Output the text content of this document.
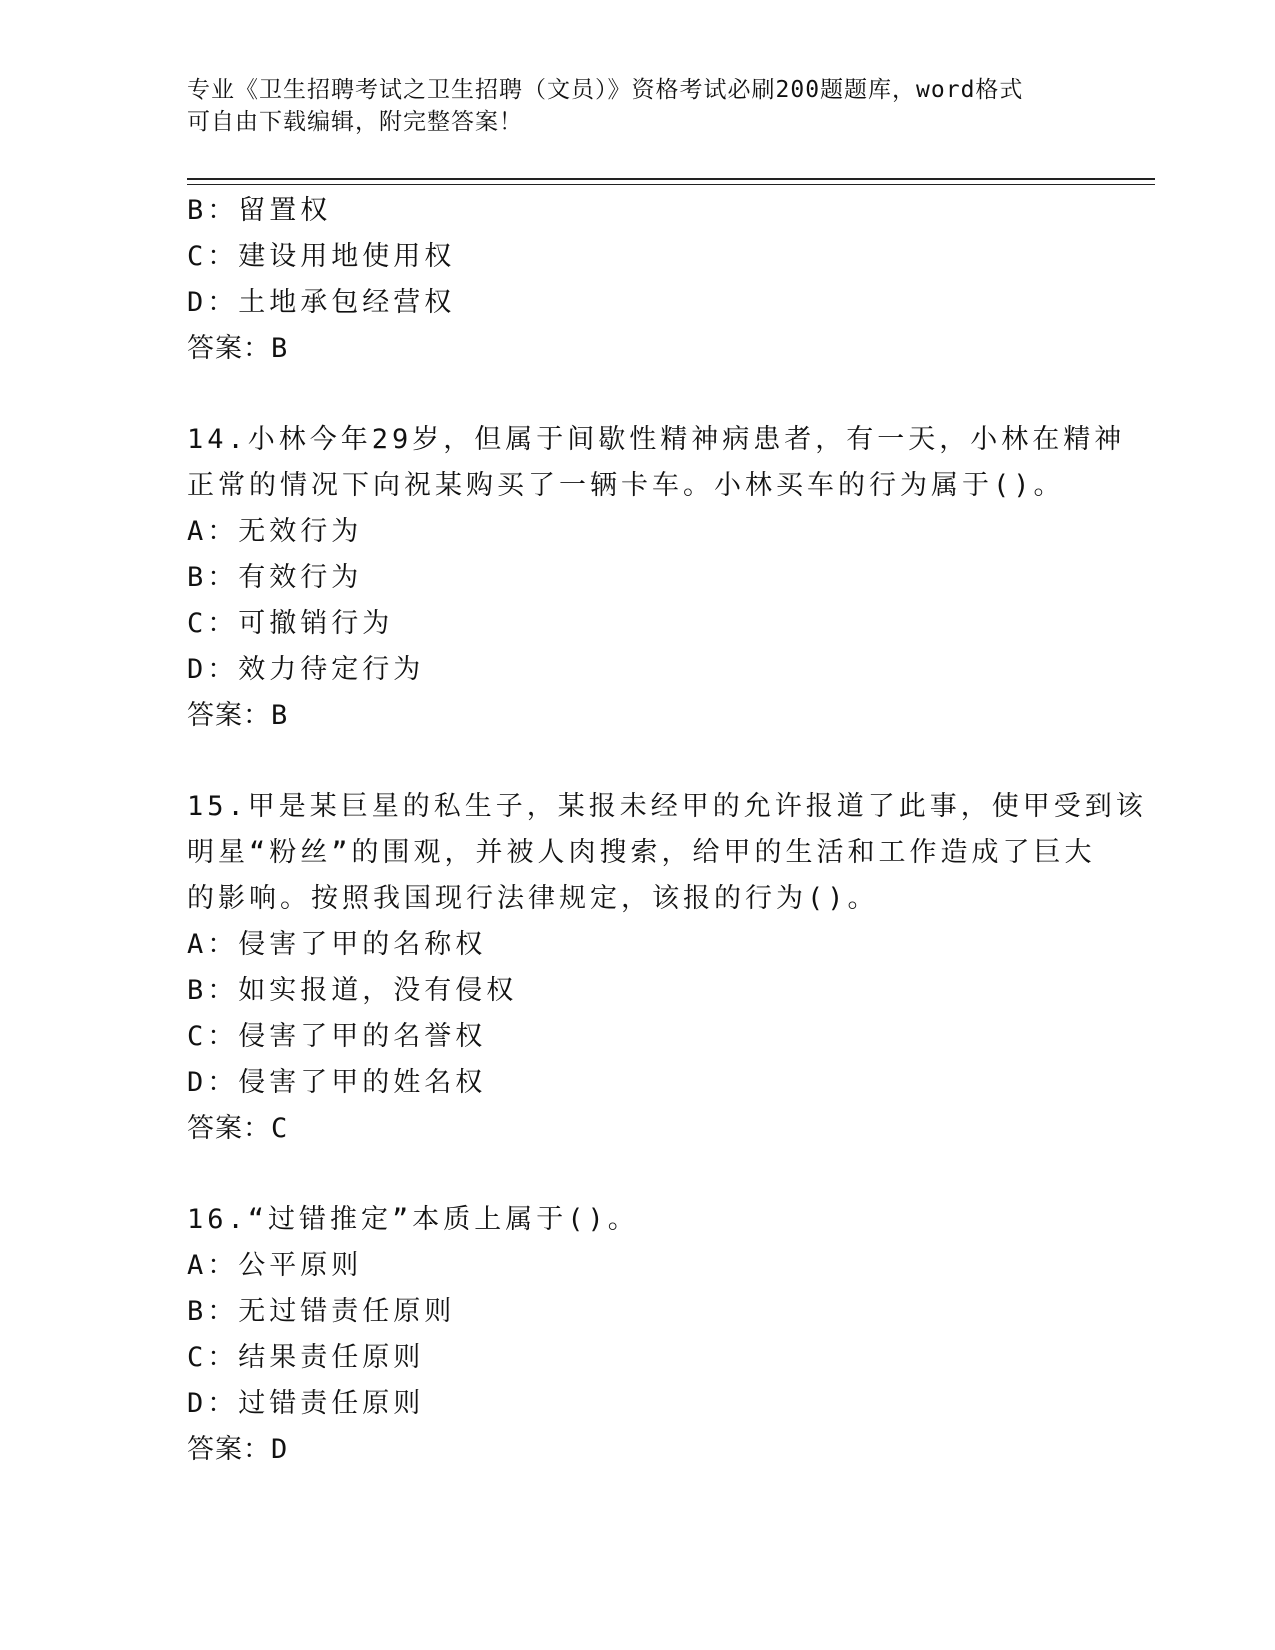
专业《卫生招聘考试之卫生招聘（文员）》资格考试必刷200题题库，word格式
可自由下载编辑，附完整答案！
B：留置权
C：建设用地使用权
D：土地承包经营权
答案：B
14.小林今年29岁，但属于间歇性精神病患者，有一天，小林在精神
正常的情况下向祝某购买了一辆卡车。小林买车的行为属于()。
A：无效行为
B：有效行为
C：可撤销行为
D：效力待定行为
答案：B
15.甲是某巨星的私生子，某报未经甲的允许报道了此事，使甲受到该
明星“粉丝”的围观，并被人肉搜索，给甲的生活和工作造成了巨大
的影响。按照我国现行法律规定，该报的行为()。
A：侵害了甲的名称权
B：如实报道，没有侵权
C：侵害了甲的名誉权
D：侵害了甲的姓名权
答案：C
16.“过错推定”本质上属于()。
A：公平原则
B：无过错责任原则
C：结果责任原则
D：过错责任原则
答案：D
